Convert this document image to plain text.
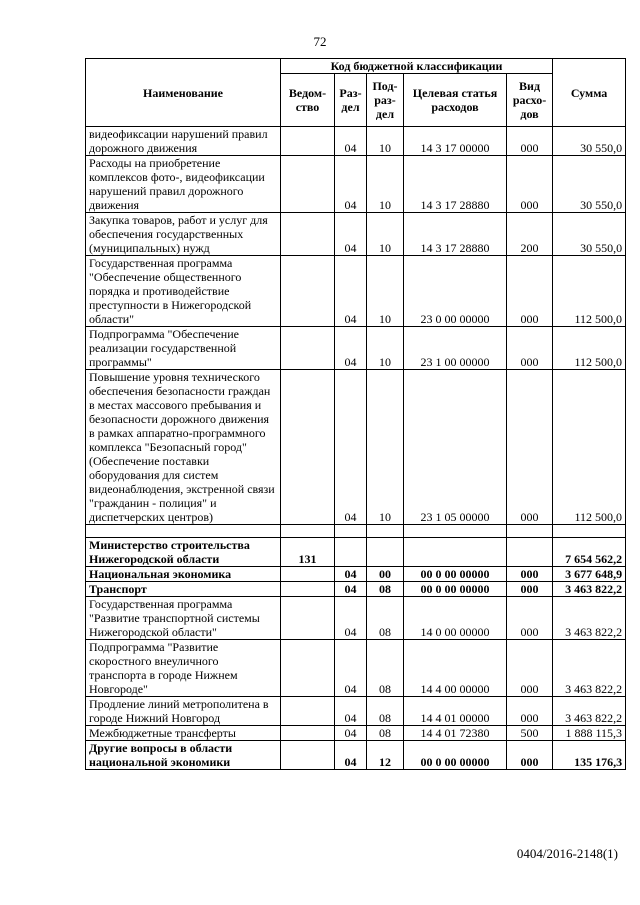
72
Наименование	Код бюджетной классификации					Сумма
	Ведом-ство	Раз-дел	Под-раз-дел	Целевая статья расходов	Вид расхо-дов	
видеофиксации нарушений правил дорожного движения		04	10	14 3 17 00000	000	30 550,0
Расходы на приобретение комплексов фото-, видеофиксации нарушений правил дорожного движения		04	10	14 3 17 28880	000	30 550,0
Закупка товаров, работ и услуг для обеспечения государственных (муниципальных) нужд		04	10	14 3 17 28880	200	30 550,0
Государственная программа "Обеспечение общественного порядка и противодействие преступности в Нижегородской области"		04	10	23 0 00 00000	000	112 500,0
Подпрограмма "Обеспечение реализации государственной программы"		04	10	23 1 00 00000	000	112 500,0
Повышение уровня технического обеспечения безопасности граждан в местах массового пребывания и безопасности дорожного движения в рамках аппаратно-программного комплекса "Безопасный город" (Обеспечение поставки оборудования для систем видеонаблюдения, экстренной связи "гражданин - полиция" и диспетчерских центров)		04	10	23 1 05 00000	000	112 500,0

Министерство строительства Нижегородской области	131					7 654 562,2
Национальная экономика		04	00	00 0 00 00000	000	3 677 648,9
Транспорт		04	08	00 0 00 00000	000	3 463 822,2
Государственная программа "Развитие транспортной системы Нижегородской области"		04	08	14 0 00 00000	000	3 463 822,2
Подпрограмма "Развитие скоростного внеуличного транспорта в городе Нижнем Новгороде"		04	08	14 4 00 00000	000	3 463 822,2
Продление линий метрополитена в городе Нижний Новгород		04	08	14 4 01 00000	000	3 463 822,2
Межбюджетные трансферты		04	08	14 4 01 72380	500	1 888 115,3
Другие вопросы в области национальной экономики		04	12	00 0 00 00000	000	135 176,3
0404/2016-2148(1)
